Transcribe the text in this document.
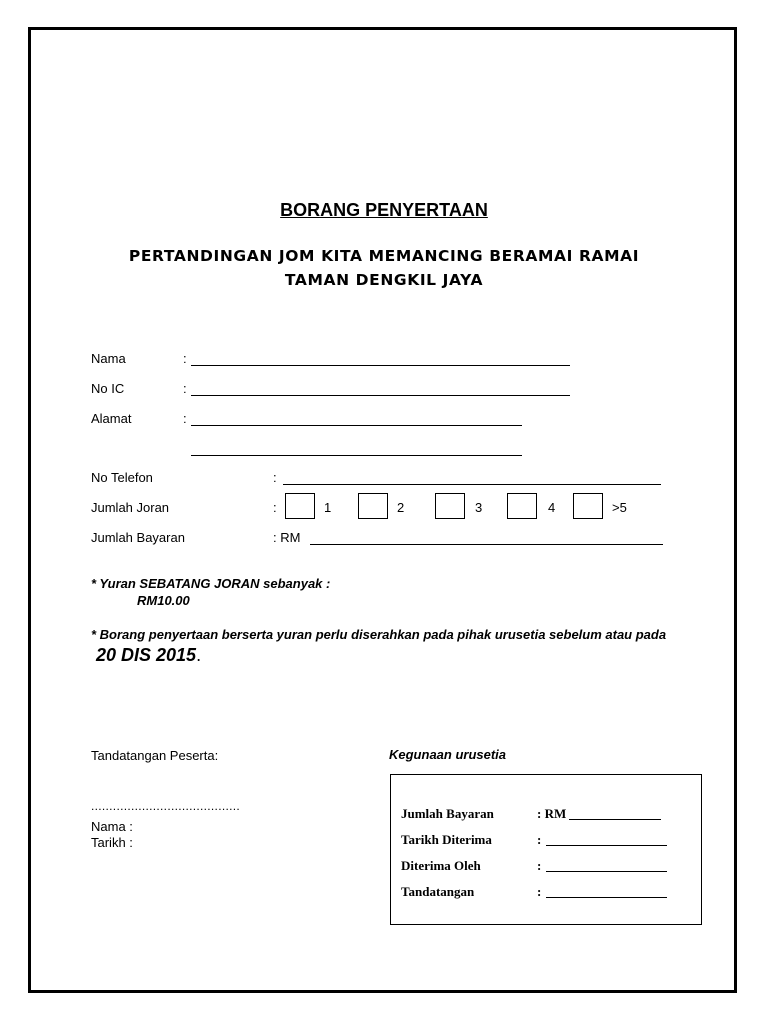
BORANG PENYERTAAN
PERTANDINGAN JOM KITA MEMANCING BERAMAI RAMAI
TAMAN DENGKIL JAYA
Nama	:
No IC	:
Alamat	:
No Telefon	:
Jumlah Joran	:	1	2	3	4	>5
Jumlah Bayaran	: RM
* Yuran SEBATANG JORAN sebanyak :
RM10.00
* Borang penyertaan berserta yuran perlu diserahkan pada pihak urusetia sebelum atau pada
20 DIS 2015.
Tandatangan Peserta:
.........................................
Nama :
Tarikh :
Kegunaan urusetia
Jumlah Bayaran	: RM
Tarikh Diterima	:
Diterima Oleh	:
Tandatangan	:
